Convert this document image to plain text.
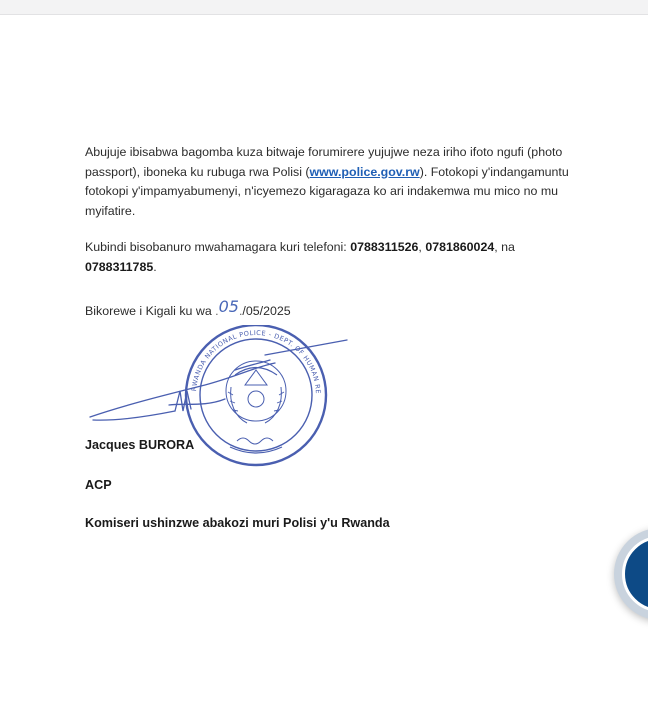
Abujuje ibisabwa bagomba kuza bitwaje forumirere yujujwe neza iriho ifoto ngufi (photo
passport), iboneka ku rubuga rwa Polisi (www.police.gov.rw). Fotokopi y'indangamuntu
fotokopi y'impamyabumenyi, n'icyemezo kigaragaza ko ari indakemwa mu mico no mu
myifatire.

Kubindi bisobanuro mwahamagara kuri telefoni: 0788311526, 0781860024, na
0788311785.

Bikorewe i Kigali ku wa .05./05/2025

RWANDA NATIONAL POLICE - DEPT. OF HUMAN RE
Jacques BURORA
ACP
Komiseri ushinzwe abakozi muri Polisi y'u Rwanda
